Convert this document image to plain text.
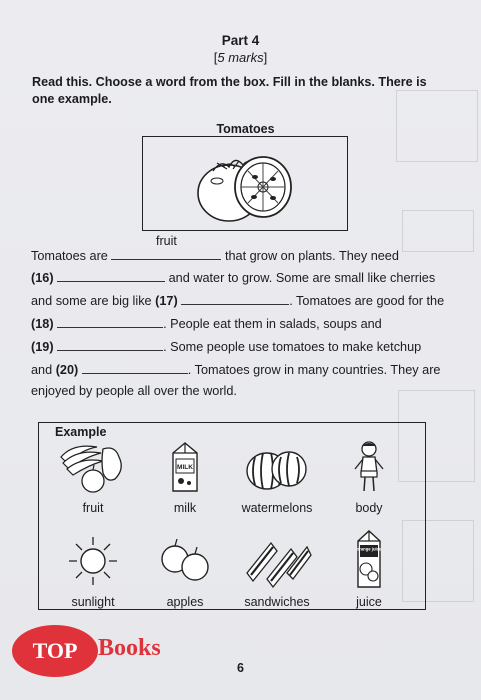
Part 4
[5 marks]
Read this. Choose a word from the box. Fill in the blanks. There is one example.
Tomatoes
Tomatoes are
fruit
that grow on plants. They need
(16)	and water to grow. Some are small like cherries
and some are big like (17)	. Tomatoes are good for the
(18)	. People eat them in salads, soups and
(19)	. Some people use tomatoes to make ketchup
and (20)	. Tomatoes grow in many countries. They are
enjoyed by people all over the world.
Example
fruit
MILK
milk	watermelons	body
sunlight	apples	sandwiches
orange juice
juice
6
TOP Books
